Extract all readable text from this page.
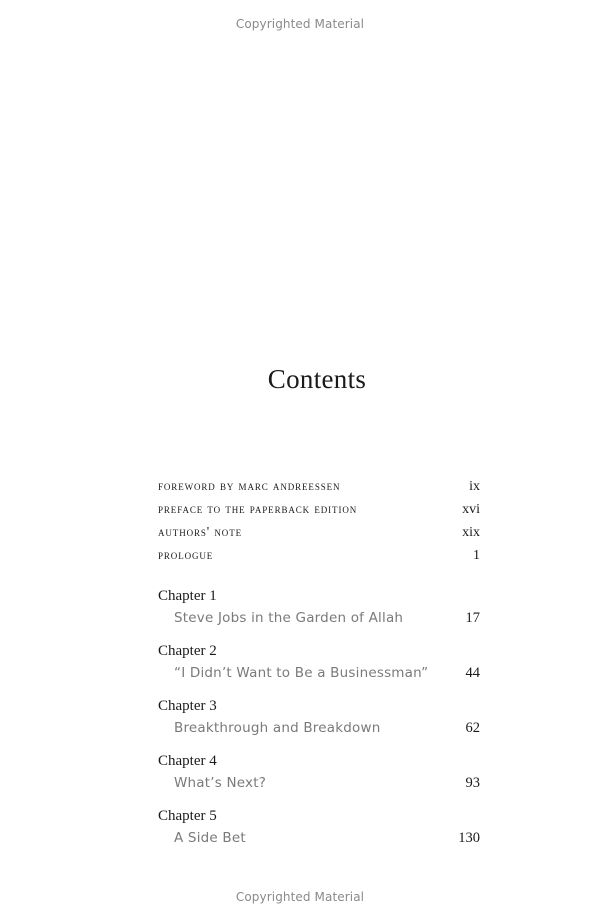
Copyrighted Material
Contents
foreword by marc andreessen	ix
preface to the paperback edition	xvi
authors' note	xix
prologue	1
Chapter 1
Steve Jobs in the Garden of Allah	17
Chapter 2
“I Didn’t Want to Be a Businessman”	44
Chapter 3
Breakthrough and Breakdown	62
Chapter 4
What’s Next?	93
Chapter 5
A Side Bet	130
Copyrighted Material
